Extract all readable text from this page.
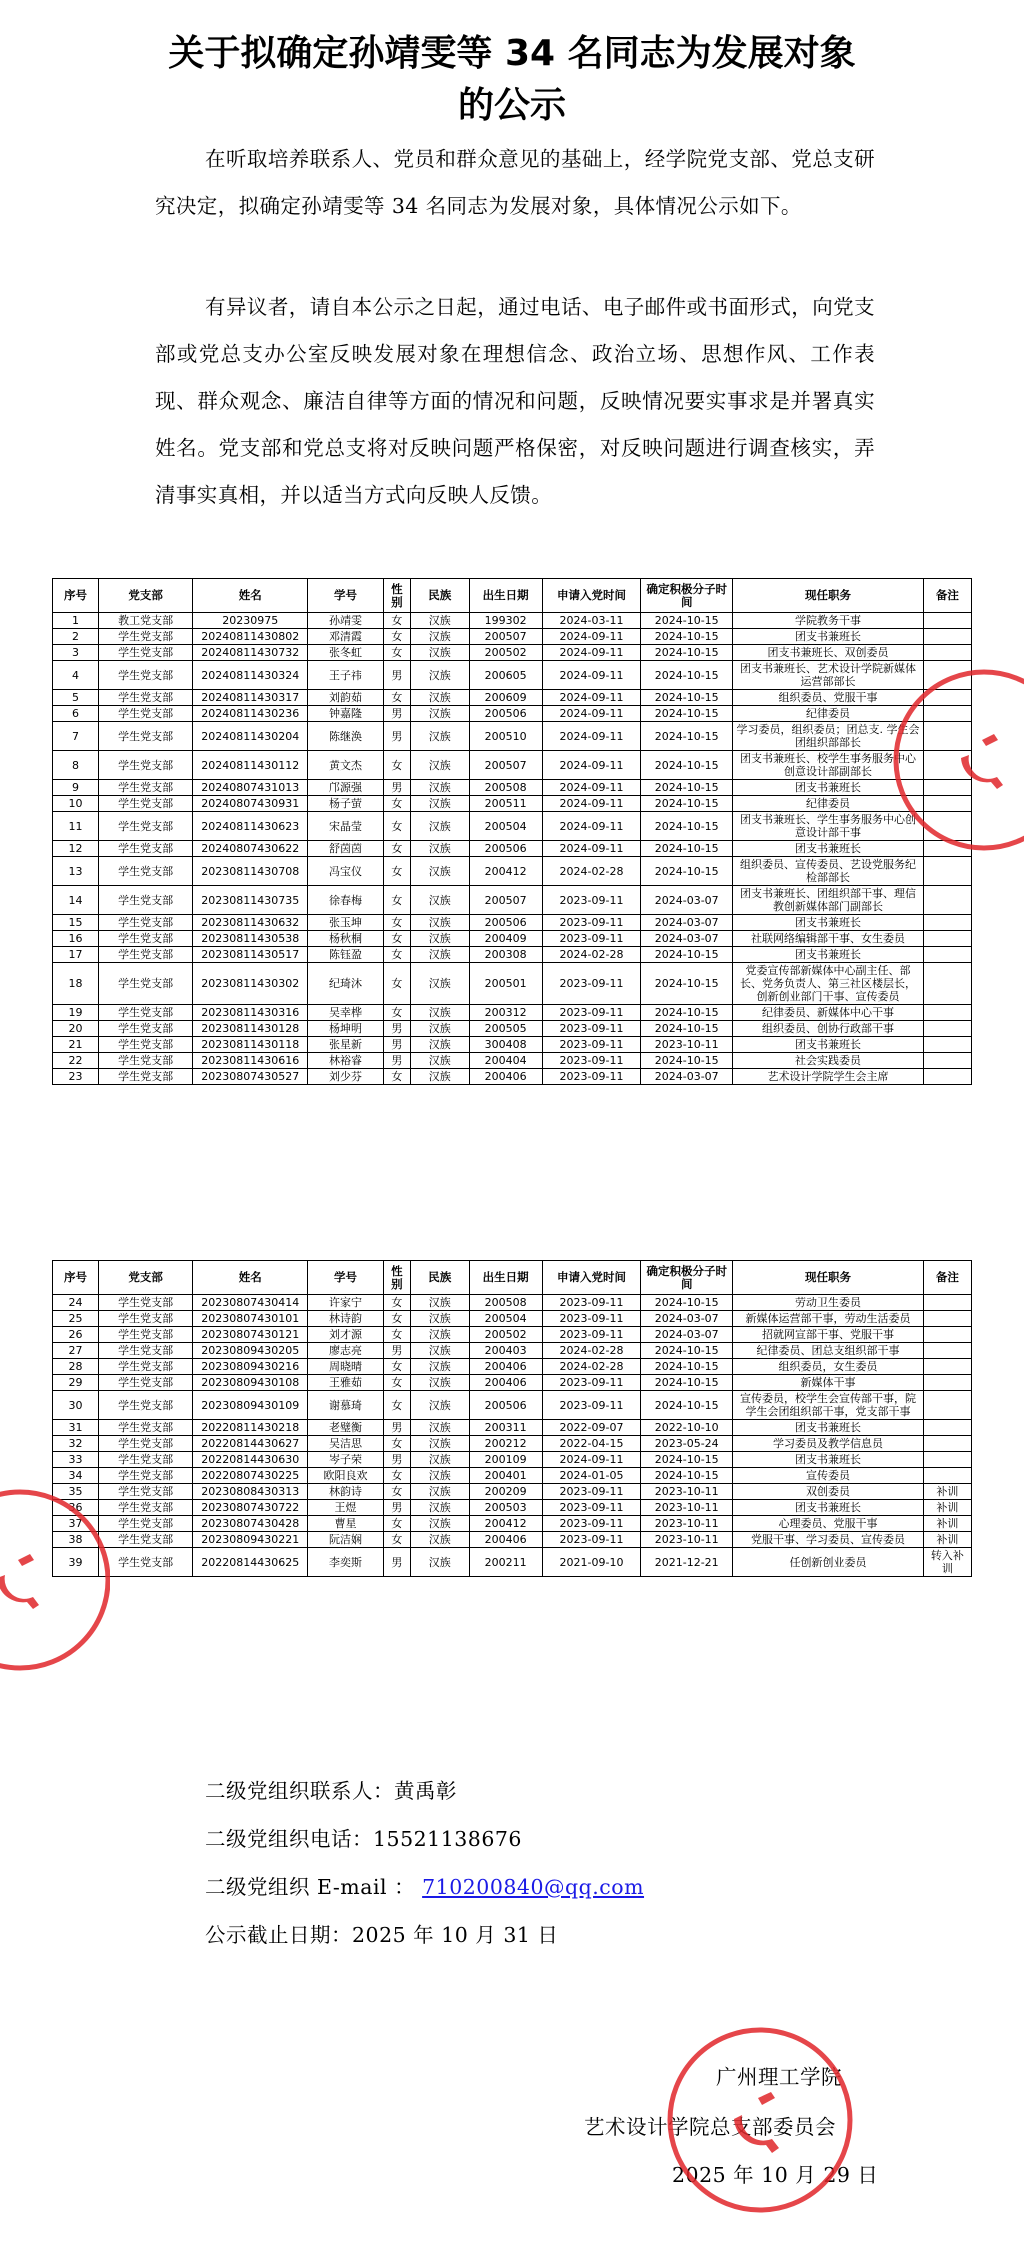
关于拟确定孙靖雯等 34 名同志为发展对象
的公示

在听取培养联系人、党员和群众意见的基础上，经学院党支部、党总支研究决定，拟确定孙靖雯等 34 名同志为发展对象，具体情况公示如下。

有异议者，请自本公示之日起，通过电话、电子邮件或书面形式，向党支部或党总支办公室反映发展对象在理想信念、政治立场、思想作风、工作表现、群众观念、廉洁自律等方面的情况和问题，反映情况要实事求是并署真实姓名。党支部和党总支将对反映问题严格保密，对反映问题进行调查核实，弄清事实真相，并以适当方式向反映人反馈。

序号	党支部	姓名	学号	性别	民族	出生日期	申请入党时间	确定积极分子时间	现任职务	备注
1	教工党支部	20230975	孙靖雯	女	汉族	199302	2024-03-11	2024-10-15	学院教务干事	
2	学生党支部	20240811430802	邓清霞	女	汉族	200507	2024-09-11	2024-10-15	团支书兼班长	
3	学生党支部	20240811430732	张冬虹	女	汉族	200502	2024-09-11	2024-10-15	团支书兼班长、双创委员	
4	学生党支部	20240811430324	王子祎	男	汉族	200605	2024-09-11	2024-10-15	团支书兼班长、艺术设计学院新媒体运营部部长	
5	学生党支部	20240811430317	刘韵茹	女	汉族	200609	2024-09-11	2024-10-15	组织委员、党服干事	
6	学生党支部	20240811430236	钟嘉隆	男	汉族	200506	2024-09-11	2024-10-15	纪律委员	
7	学生党支部	20240811430204	陈继涣	男	汉族	200510	2024-09-11	2024-10-15	学习委员，组织委员；团总支. 学生会团组织部部长	
8	学生党支部	20240811430112	黄文杰	女	汉族	200507	2024-09-11	2024-10-15	团支书兼班长、校学生事务服务中心创意设计部副部长	
9	学生党支部	20240807431013	邝源强	男	汉族	200508	2024-09-11	2024-10-15	团支书兼班长	
10	学生党支部	20240807430931	杨子萤	女	汉族	200511	2024-09-11	2024-10-15	纪律委员	
11	学生党支部	20240811430623	宋晶莹	女	汉族	200504	2024-09-11	2024-10-15	团支书兼班长、学生事务服务中心创意设计部干事	
12	学生党支部	20240807430622	舒茵茵	女	汉族	200506	2024-09-11	2024-10-15	团支书兼班长	
13	学生党支部	20230811430708	冯宝仪	女	汉族	200412	2024-02-28	2024-10-15	组织委员、宣传委员、艺设党服务纪检部部长	
14	学生党支部	20230811430735	徐春梅	女	汉族	200507	2023-09-11	2024-03-07	团支书兼班长、团组织部干事、理信教创新媒体部门副部长	
15	学生党支部	20230811430632	张玉坤	女	汉族	200506	2023-09-11	2024-03-07	团支书兼班长	
16	学生党支部	20230811430538	杨秋桐	女	汉族	200409	2023-09-11	2024-03-07	社联网络编辑部干事、女生委员	
17	学生党支部	20230811430517	陈钰盈	女	汉族	200308	2024-02-28	2024-10-15	团支书兼班长	
18	学生党支部	20230811430302	纪琦沐	女	汉族	200501	2023-09-11	2024-10-15	党委宣传部新媒体中心副主任、部长、党务负责人、第三社区楼层长，创新创业部门干事、宣传委员	
19	学生党支部	20230811430316	吴幸桦	女	汉族	200312	2023-09-11	2024-10-15	纪律委员、新媒体中心干事	
20	学生党支部	20230811430128	杨坤明	男	汉族	200505	2023-09-11	2024-10-15	组织委员、创协行政部干事	
21	学生党支部	20230811430118	张星新	男	汉族	300408	2023-09-11	2023-10-11	团支书兼班长	
22	学生党支部	20230811430616	林裕睿	男	汉族	200404	2023-09-11	2024-10-15	社会实践委员	
23	学生党支部	20230807430527	刘少芬	女	汉族	200406	2023-09-11	2024-03-07	艺术设计学院学生会主席	
序号	党支部	姓名	学号	性别	民族	出生日期	申请入党时间	确定积极分子时间	现任职务	备注
24	学生党支部	20230807430414	许家宁	女	汉族	200508	2023-09-11	2024-10-15	劳动卫生委员	
25	学生党支部	20230807430101	林诗韵	女	汉族	200504	2023-09-11	2024-03-07	新媒体运营部干事，劳动生活委员	
26	学生党支部	20230807430121	刘才源	女	汉族	200502	2023-09-11	2024-03-07	招就网宣部干事、党服干事	
27	学生党支部	20230809430205	廖志亮	男	汉族	200403	2024-02-28	2024-10-15	纪律委员、团总支组织部干事	
28	学生党支部	20230809430216	周晓晴	女	汉族	200406	2024-02-28	2024-10-15	组织委员，女生委员	
29	学生党支部	20230809430108	王雅茹	女	汉族	200406	2023-09-11	2024-10-15	新媒体干事	
30	学生党支部	20230809430109	谢慕琦	女	汉族	200506	2023-09-11	2024-10-15	宣传委员，校学生会宣传部干事，院学生会团组织部干事，党支部干事	
31	学生党支部	20220811430218	老璧衡	男	汉族	200311	2022-09-07	2022-10-10	团支书兼班长	
32	学生党支部	20220814430627	吴洁思	女	汉族	200212	2022-04-15	2023-05-24	学习委员及教学信息员	
33	学生党支部	20220814430630	岑子荣	男	汉族	200109	2024-09-11	2024-10-15	团支书兼班长	
34	学生党支部	20220807430225	欧阳良欢	女	汉族	200401	2024-01-05	2024-10-15	宣传委员	
35	学生党支部	20230808430313	林韵诗	女	汉族	200209	2023-09-11	2023-10-11	双创委员	补训
36	学生党支部	20230807430722	王煜	男	汉族	200503	2023-09-11	2023-10-11	团支书兼班长	补训
37	学生党支部	20230807430428	曹星	女	汉族	200412	2023-09-11	2023-10-11	心理委员、党服干事	补训
38	学生党支部	20230809430221	阮洁娴	女	汉族	200406	2023-09-11	2023-10-11	党服干事、学习委员、宣传委员	补训
39	学生党支部	20220814430625	李奕斯	男	汉族	200211	2021-09-10	2021-12-21	任创新创业委员	转入补训
二级党组织联系人：黄禹彰
二级党组织电话：15521138676
二级党组织 E-mail ： 710200840@qq.com
公示截止日期：2025 年 10 月 31 日
广州理工学院
艺术设计学院总支部委员会
2025 年 10 月 29 日
